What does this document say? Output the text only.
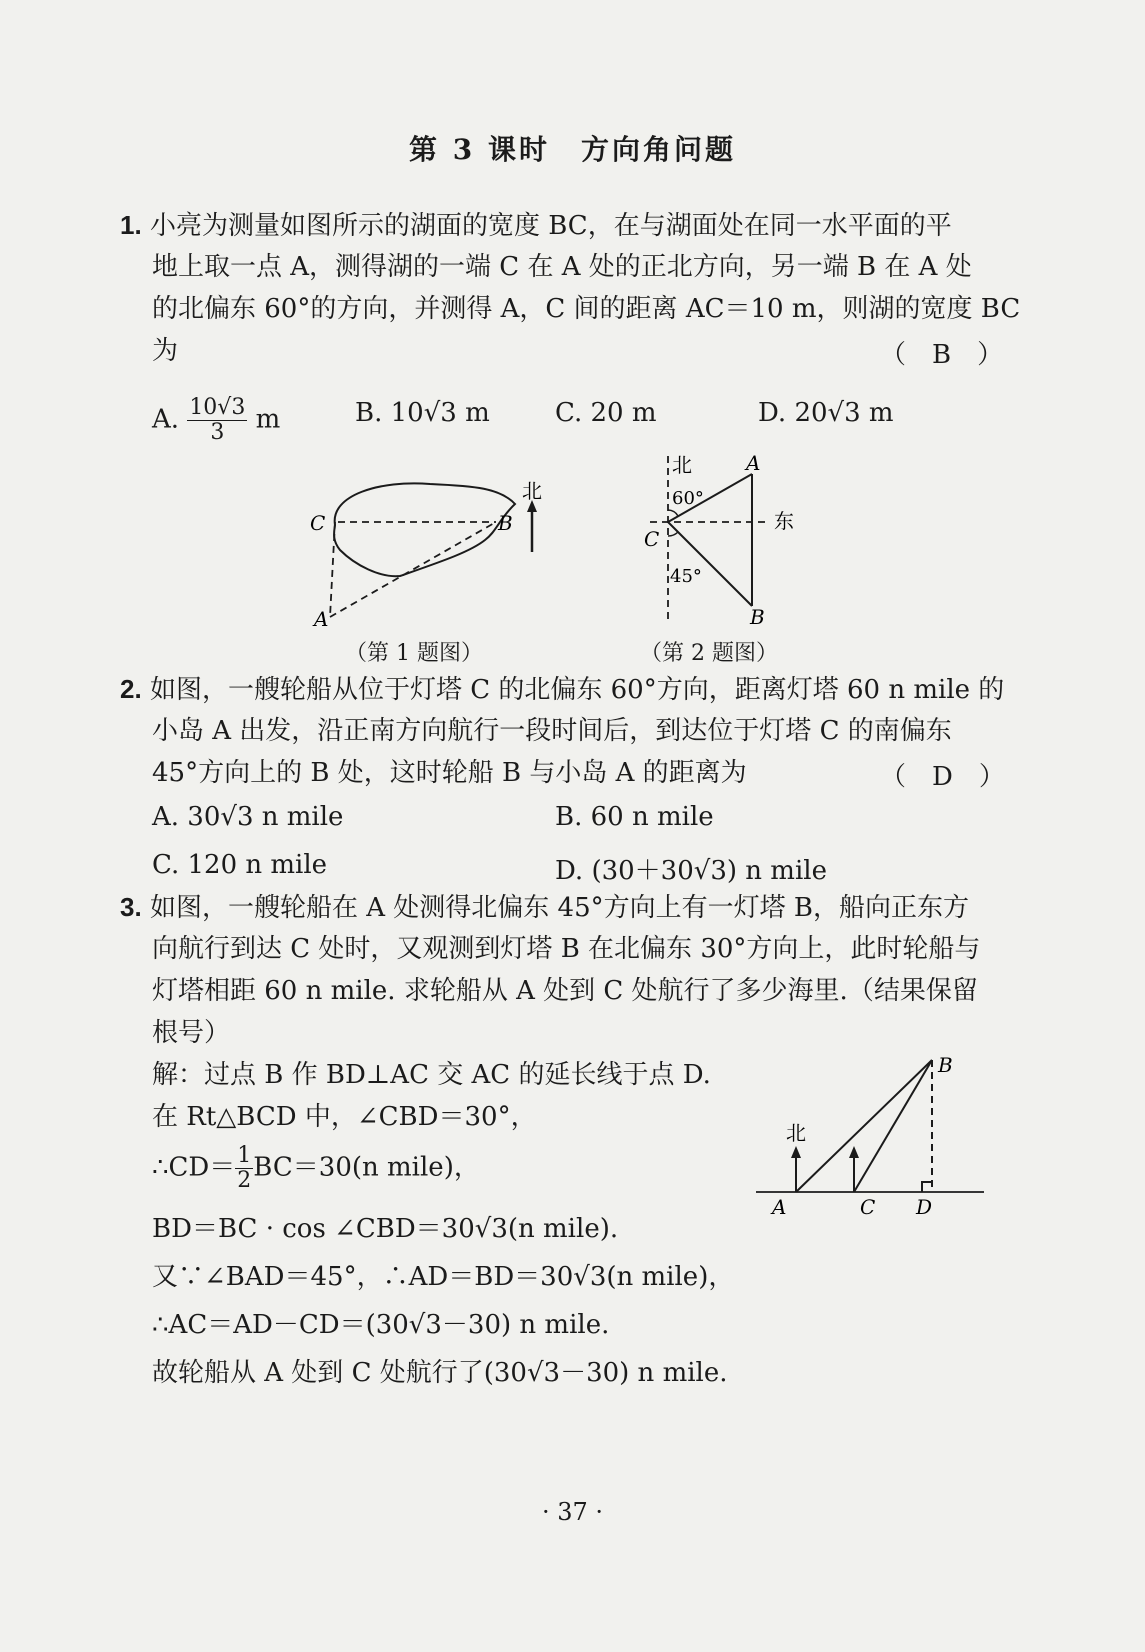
第 3 课时　方向角问题
1. 小亮为测量如图所示的湖面的宽度 BC，在与湖面处在同一水平面的平
地上取一点 A，测得湖的一端 C 在 A 处的正北方向，另一端 B 在 A 处
的北偏东 60°的方向，并测得 A，C 间的距离 AC＝10 m，则湖的宽度 BC
为	（　B　）
A. $\frac{10√3}{3}$ m	B. 10√3 m	C. 20 m	D. 20√3 m
C	B
A
北
（第 1 题图）
北	A
60°
C
东
45°
B
（第 2 题图）
2. 如图，一艘轮船从位于灯塔 C 的北偏东 60°方向，距离灯塔 60 n mile 的
小岛 A 出发，沿正南方向航行一段时间后，到达位于灯塔 C 的南偏东
45°方向上的 B 处，这时轮船 B 与小岛 A 的距离为	（　D　）
A. 30√3 n mile	B. 60 n mile
C. 120 n mile	D. (30＋30√3) n mile
3. 如图，一艘轮船在 A 处测得北偏东 45°方向上有一灯塔 B，船向正东方
向航行到达 C 处时，又观测到灯塔 B 在北偏东 30°方向上，此时轮船与
灯塔相距 60 n mile. 求轮船从 A 处到 C 处航行了多少海里.（结果保留
根号）
解：过点 B 作 BD⊥AC 交 AC 的延长线于点 D.
在 Rt△BCD 中，∠CBD＝30°，
∴CD＝ $\frac{1}{2} BC=30(n$ mile)，
BD＝BC · cos ∠CBD＝30√3(n mile).
又∵∠BAD＝45°，∴AD＝BD＝30√3(n mile)，
∴AC＝AD－CD＝(30√3－30) n mile.
故轮船从 A 处到 C 处航行了(30√3－30) n mile.
B
北
A	C D
· 37 ·
